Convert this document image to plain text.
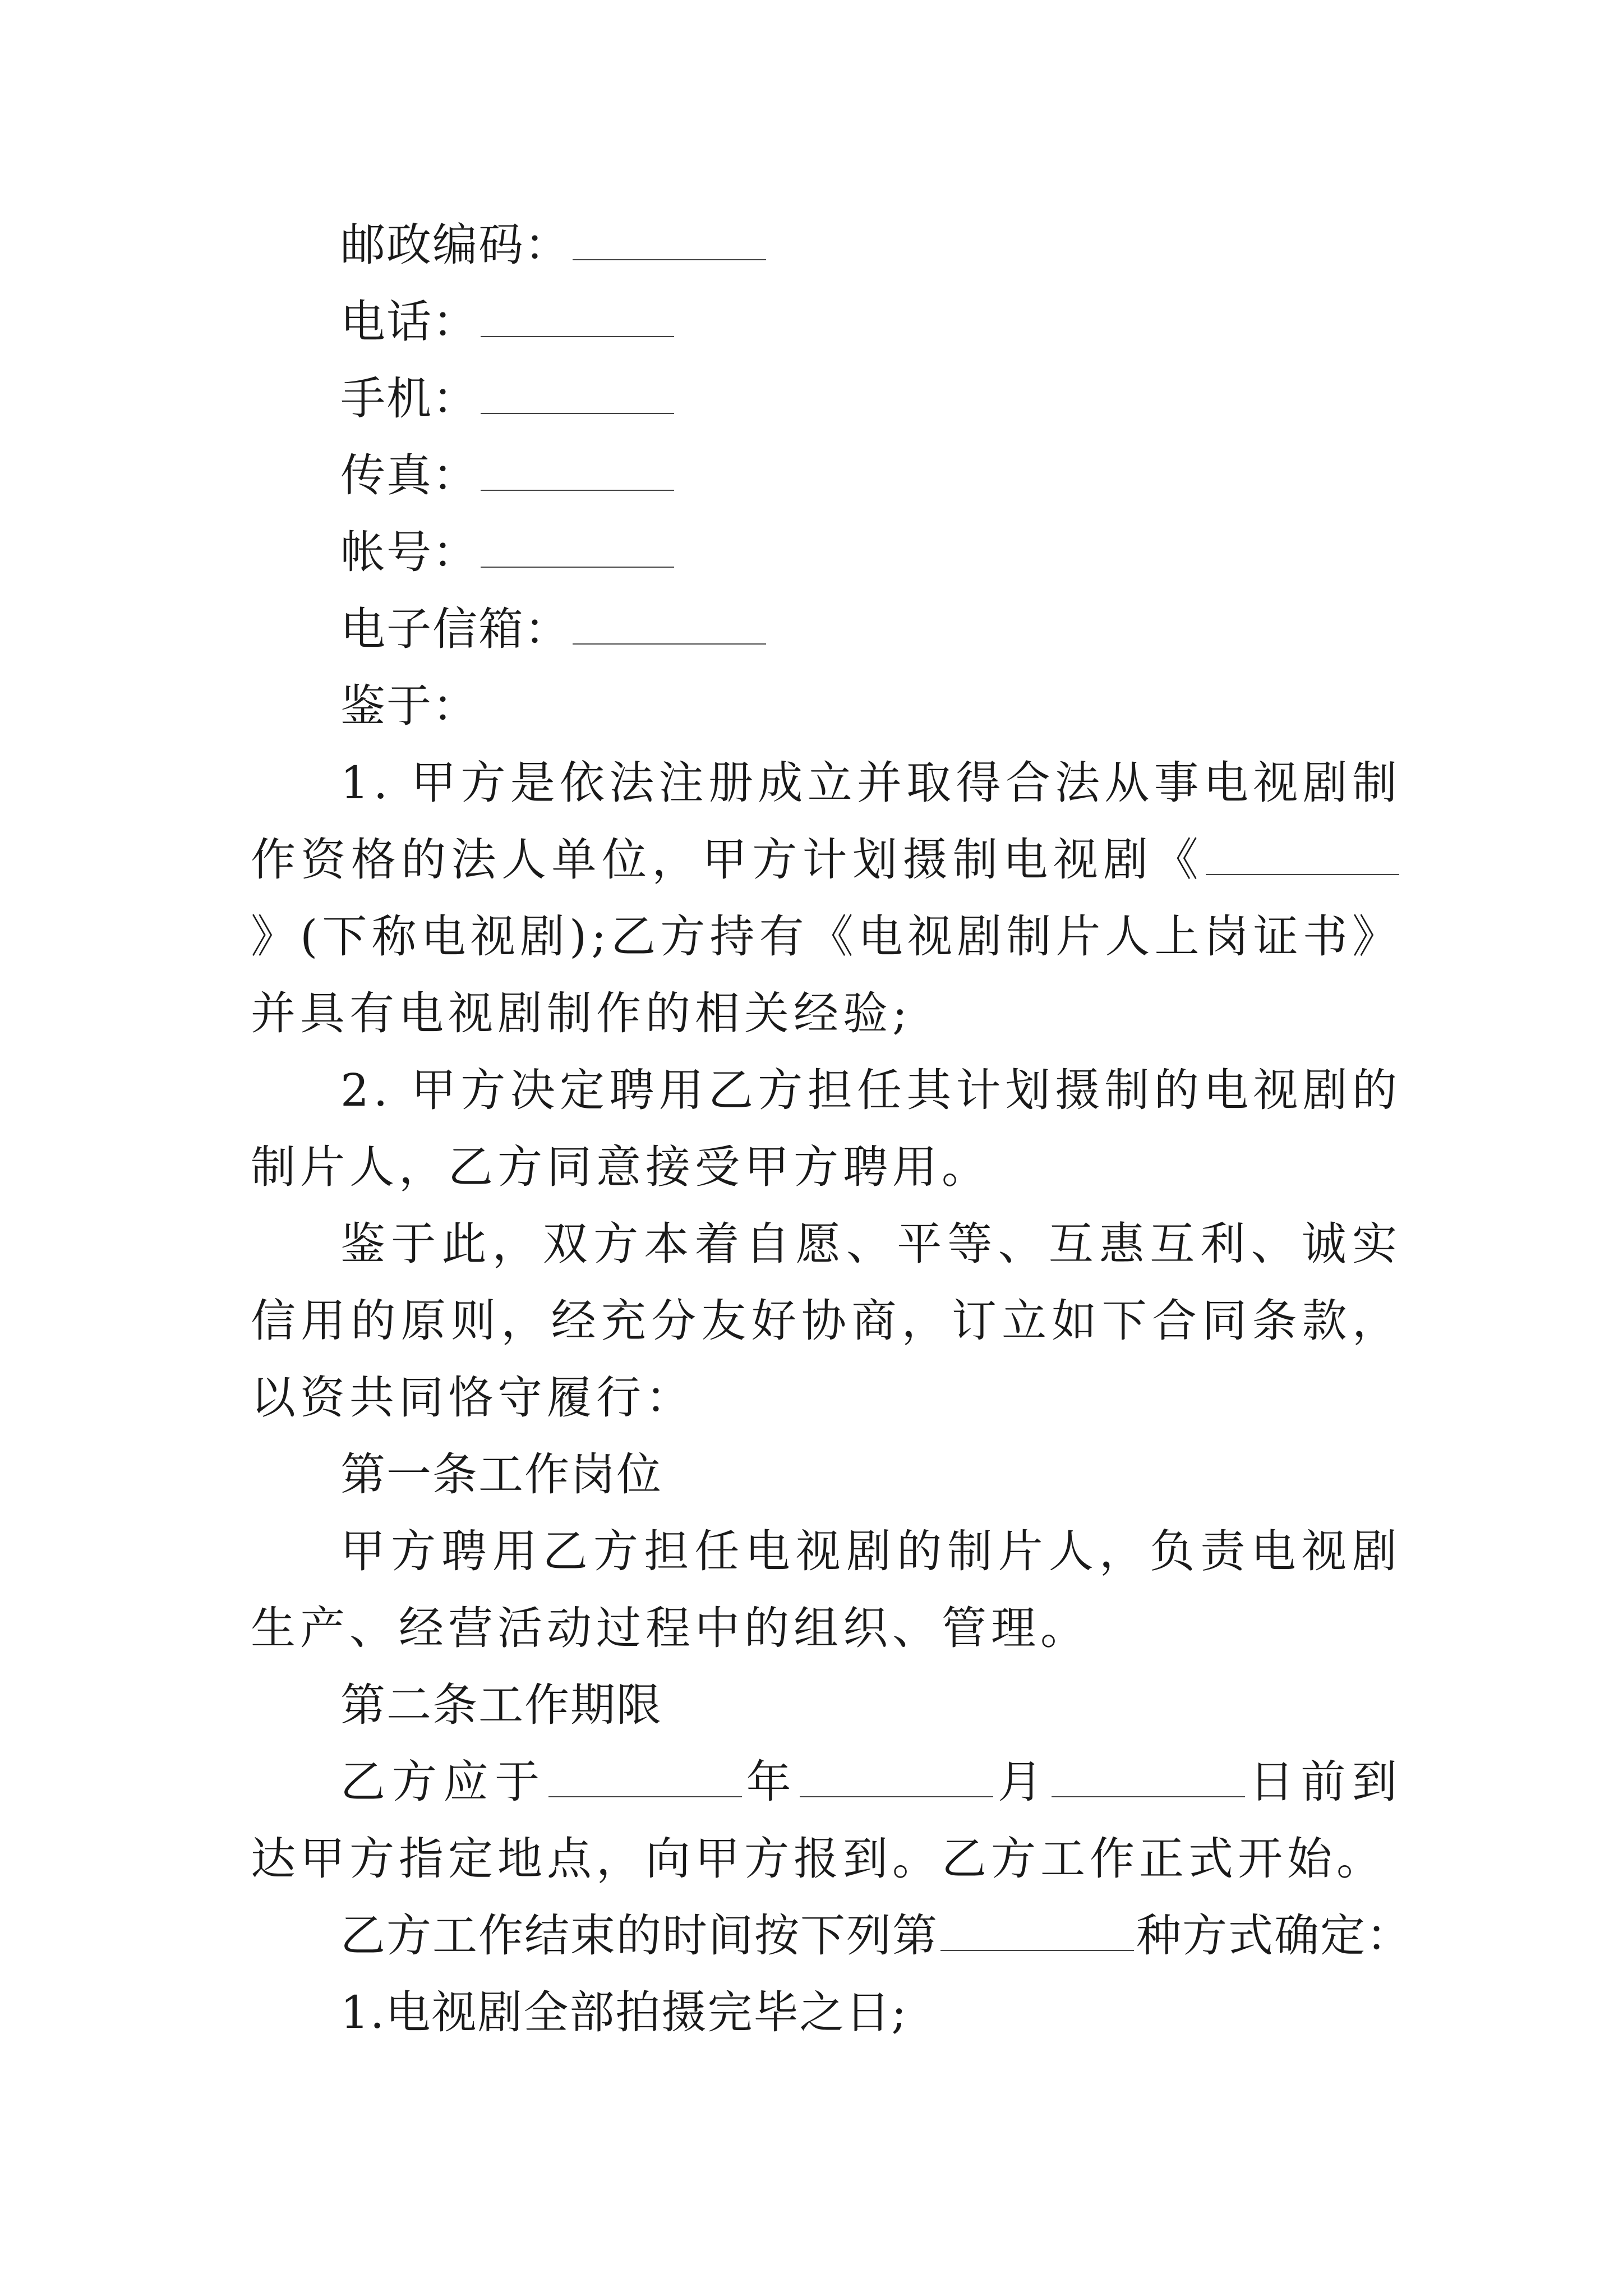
邮政编码：
电话：
手机：
传真：
帐号：
电子信箱：
鉴于：
1. 甲方是依法注册成立并取得合法从事电视剧制作资格的法人单位，甲方计划摄制电视剧《》(下称电视剧);乙方持有《电视剧制片人上岗证书》并具有电视剧制作的相关经验;
2. 甲方决定聘用乙方担任其计划摄制的电视剧的制片人，乙方同意接受甲方聘用。
鉴于此，双方本着自愿、平等、互惠互利、诚实信用的原则，经充分友好协商，订立如下合同条款，以资共同恪守履行：
第一条工作岗位
甲方聘用乙方担任电视剧的制片人，负责电视剧生产、经营活动过程中的组织、管理。
第二条工作期限
乙方应于	年	月	日前到达甲方指定地点，向甲方报到。乙方工作正式开始。
乙方工作结束的时间按下列第	种方式确定：
1.电视剧全部拍摄完毕之日;
